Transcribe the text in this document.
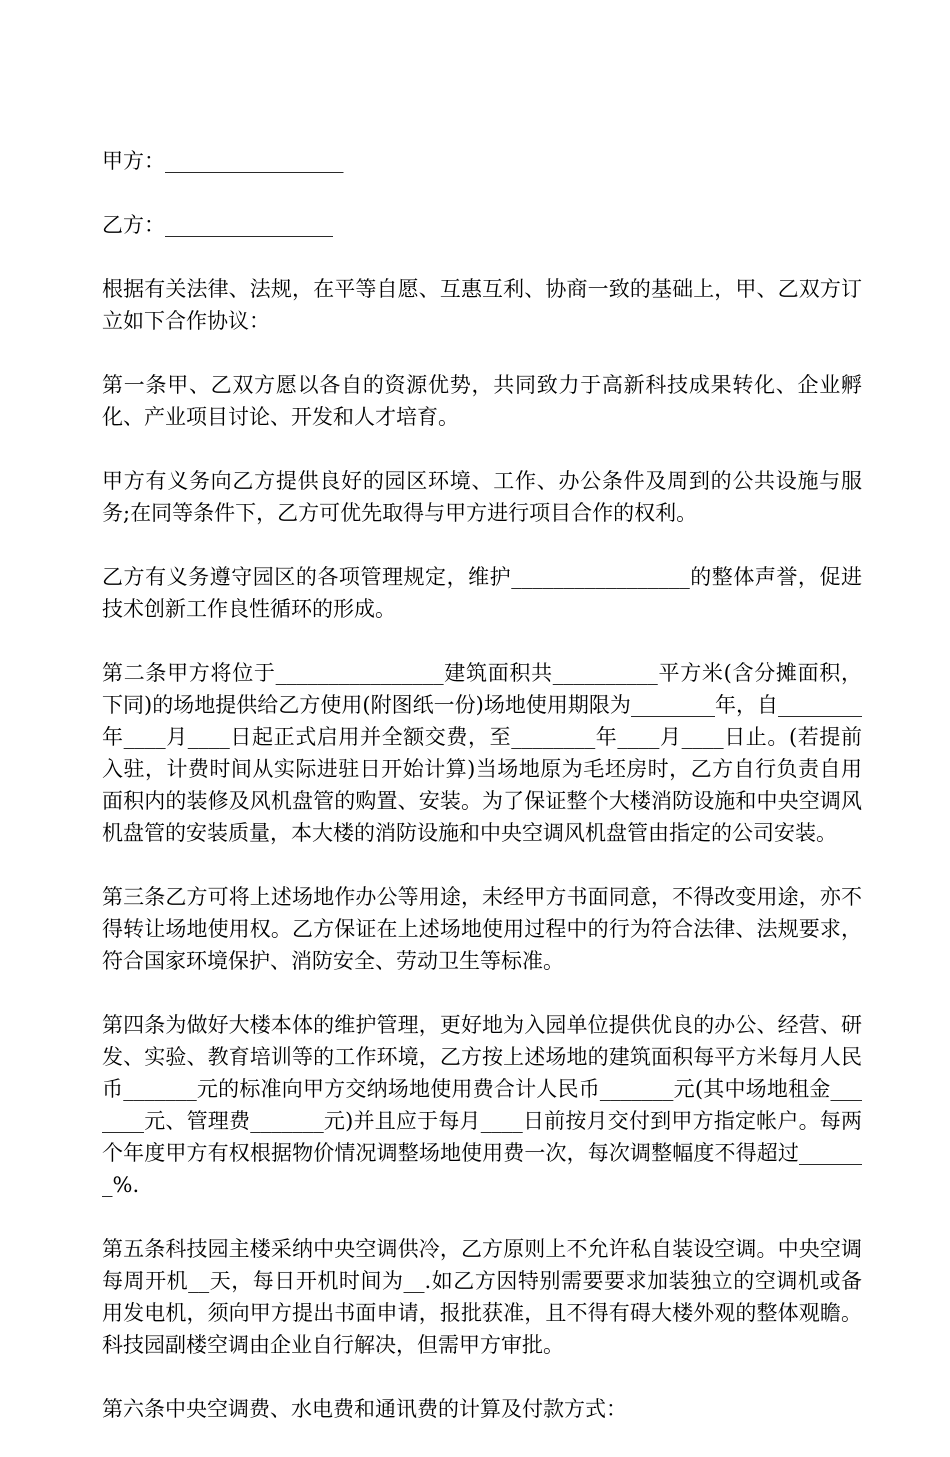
甲方：_________________

乙方：________________

根据有关法律、法规，在平等自愿、互惠互利、协商一致的基础上，甲、乙双方订立如下合作协议：

第一条甲、乙双方愿以各自的资源优势，共同致力于高新科技成果转化、企业孵化、产业项目讨论、开发和人才培育。

甲方有义务向乙方提供良好的园区环境、工作、办公条件及周到的公共设施与服务;在同等条件下，乙方可优先取得与甲方进行项目合作的权利。

乙方有义务遵守园区的各项管理规定，维护_________________的整体声誉，促进技术创新工作良性循环的形成。

第二条甲方将位于________________建筑面积共__________平方米(含分摊面积，下同)的场地提供给乙方使用(附图纸一份)场地使用期限为________年，自________年____月____日起正式启用并全额交费，至________年____月____日止。(若提前入驻，计费时间从实际进驻日开始计算)当场地原为毛坯房时，乙方自行负责自用面积内的装修及风机盘管的购置、安装。为了保证整个大楼消防设施和中央空调风机盘管的安装质量，本大楼的消防设施和中央空调风机盘管由指定的公司安装。

第三条乙方可将上述场地作办公等用途，未经甲方书面同意，不得改变用途，亦不得转让场地使用权。乙方保证在上述场地使用过程中的行为符合法律、法规要求，符合国家环境保护、消防安全、劳动卫生等标准。

第四条为做好大楼本体的维护管理，更好地为入园单位提供优良的办公、经营、研发、实验、教育培训等的工作环境，乙方按上述场地的建筑面积每平方米每月人民币_______元的标准向甲方交纳场地使用费合计人民币_______元(其中场地租金_______元、管理费_______元)并且应于每月____日前按月交付到甲方指定帐户。每两个年度甲方有权根据物价情况调整场地使用费一次，每次调整幅度不得超过_______%.

第五条科技园主楼采纳中央空调供冷，乙方原则上不允许私自装设空调。中央空调每周开机__天，每日开机时间为__.如乙方因特别需要要求加装独立的空调机或备用发电机，须向甲方提出书面申请，报批获准，且不得有碍大楼外观的整体观瞻。科技园副楼空调由企业自行解决，但需甲方审批。

第六条中央空调费、水电费和通讯费的计算及付款方式：
